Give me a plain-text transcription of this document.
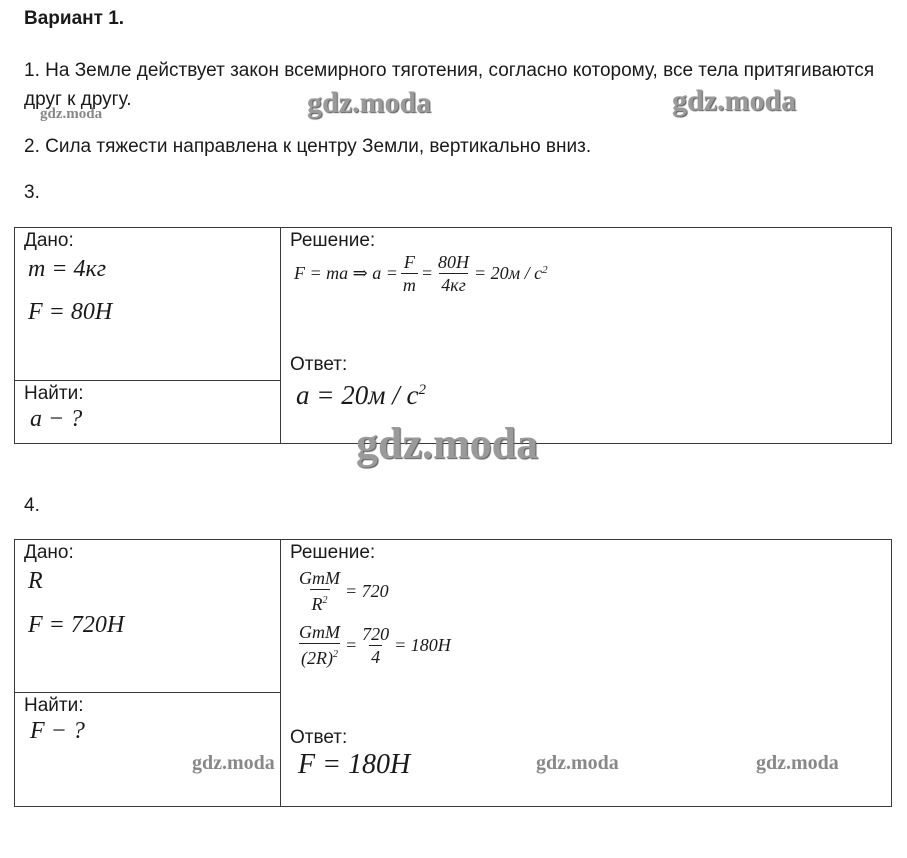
Вариант 1.
1. На Земле действует закон всемирного тяготения, согласно которому, все тела притягиваются друг к другу.
2. Сила тяжести направлена к центру Земли, вертикально вниз.
3.
Дано:
m = 4кг
F = 80H
Найти:
a − ?
Решение:
F = ma ⇒ $a = \frac{F}{m} = \frac{80H}{4кг} = 20м / с^2$
Ответ:
$a = 20м / с^2$
4.
Дано:
R
F = 720H
Найти:
F − ?
Решение:
$\frac{\text{GmM}}{R^2} = 720$
$\frac{\text{GmM}}{(2R)^2} = \frac{720}{4} = 180H$
Ответ:
F = 180H
gdz.moda	gdz.moda	gdz.moda
gdz.moda
gdz.moda	gdz.moda	gdz.moda
